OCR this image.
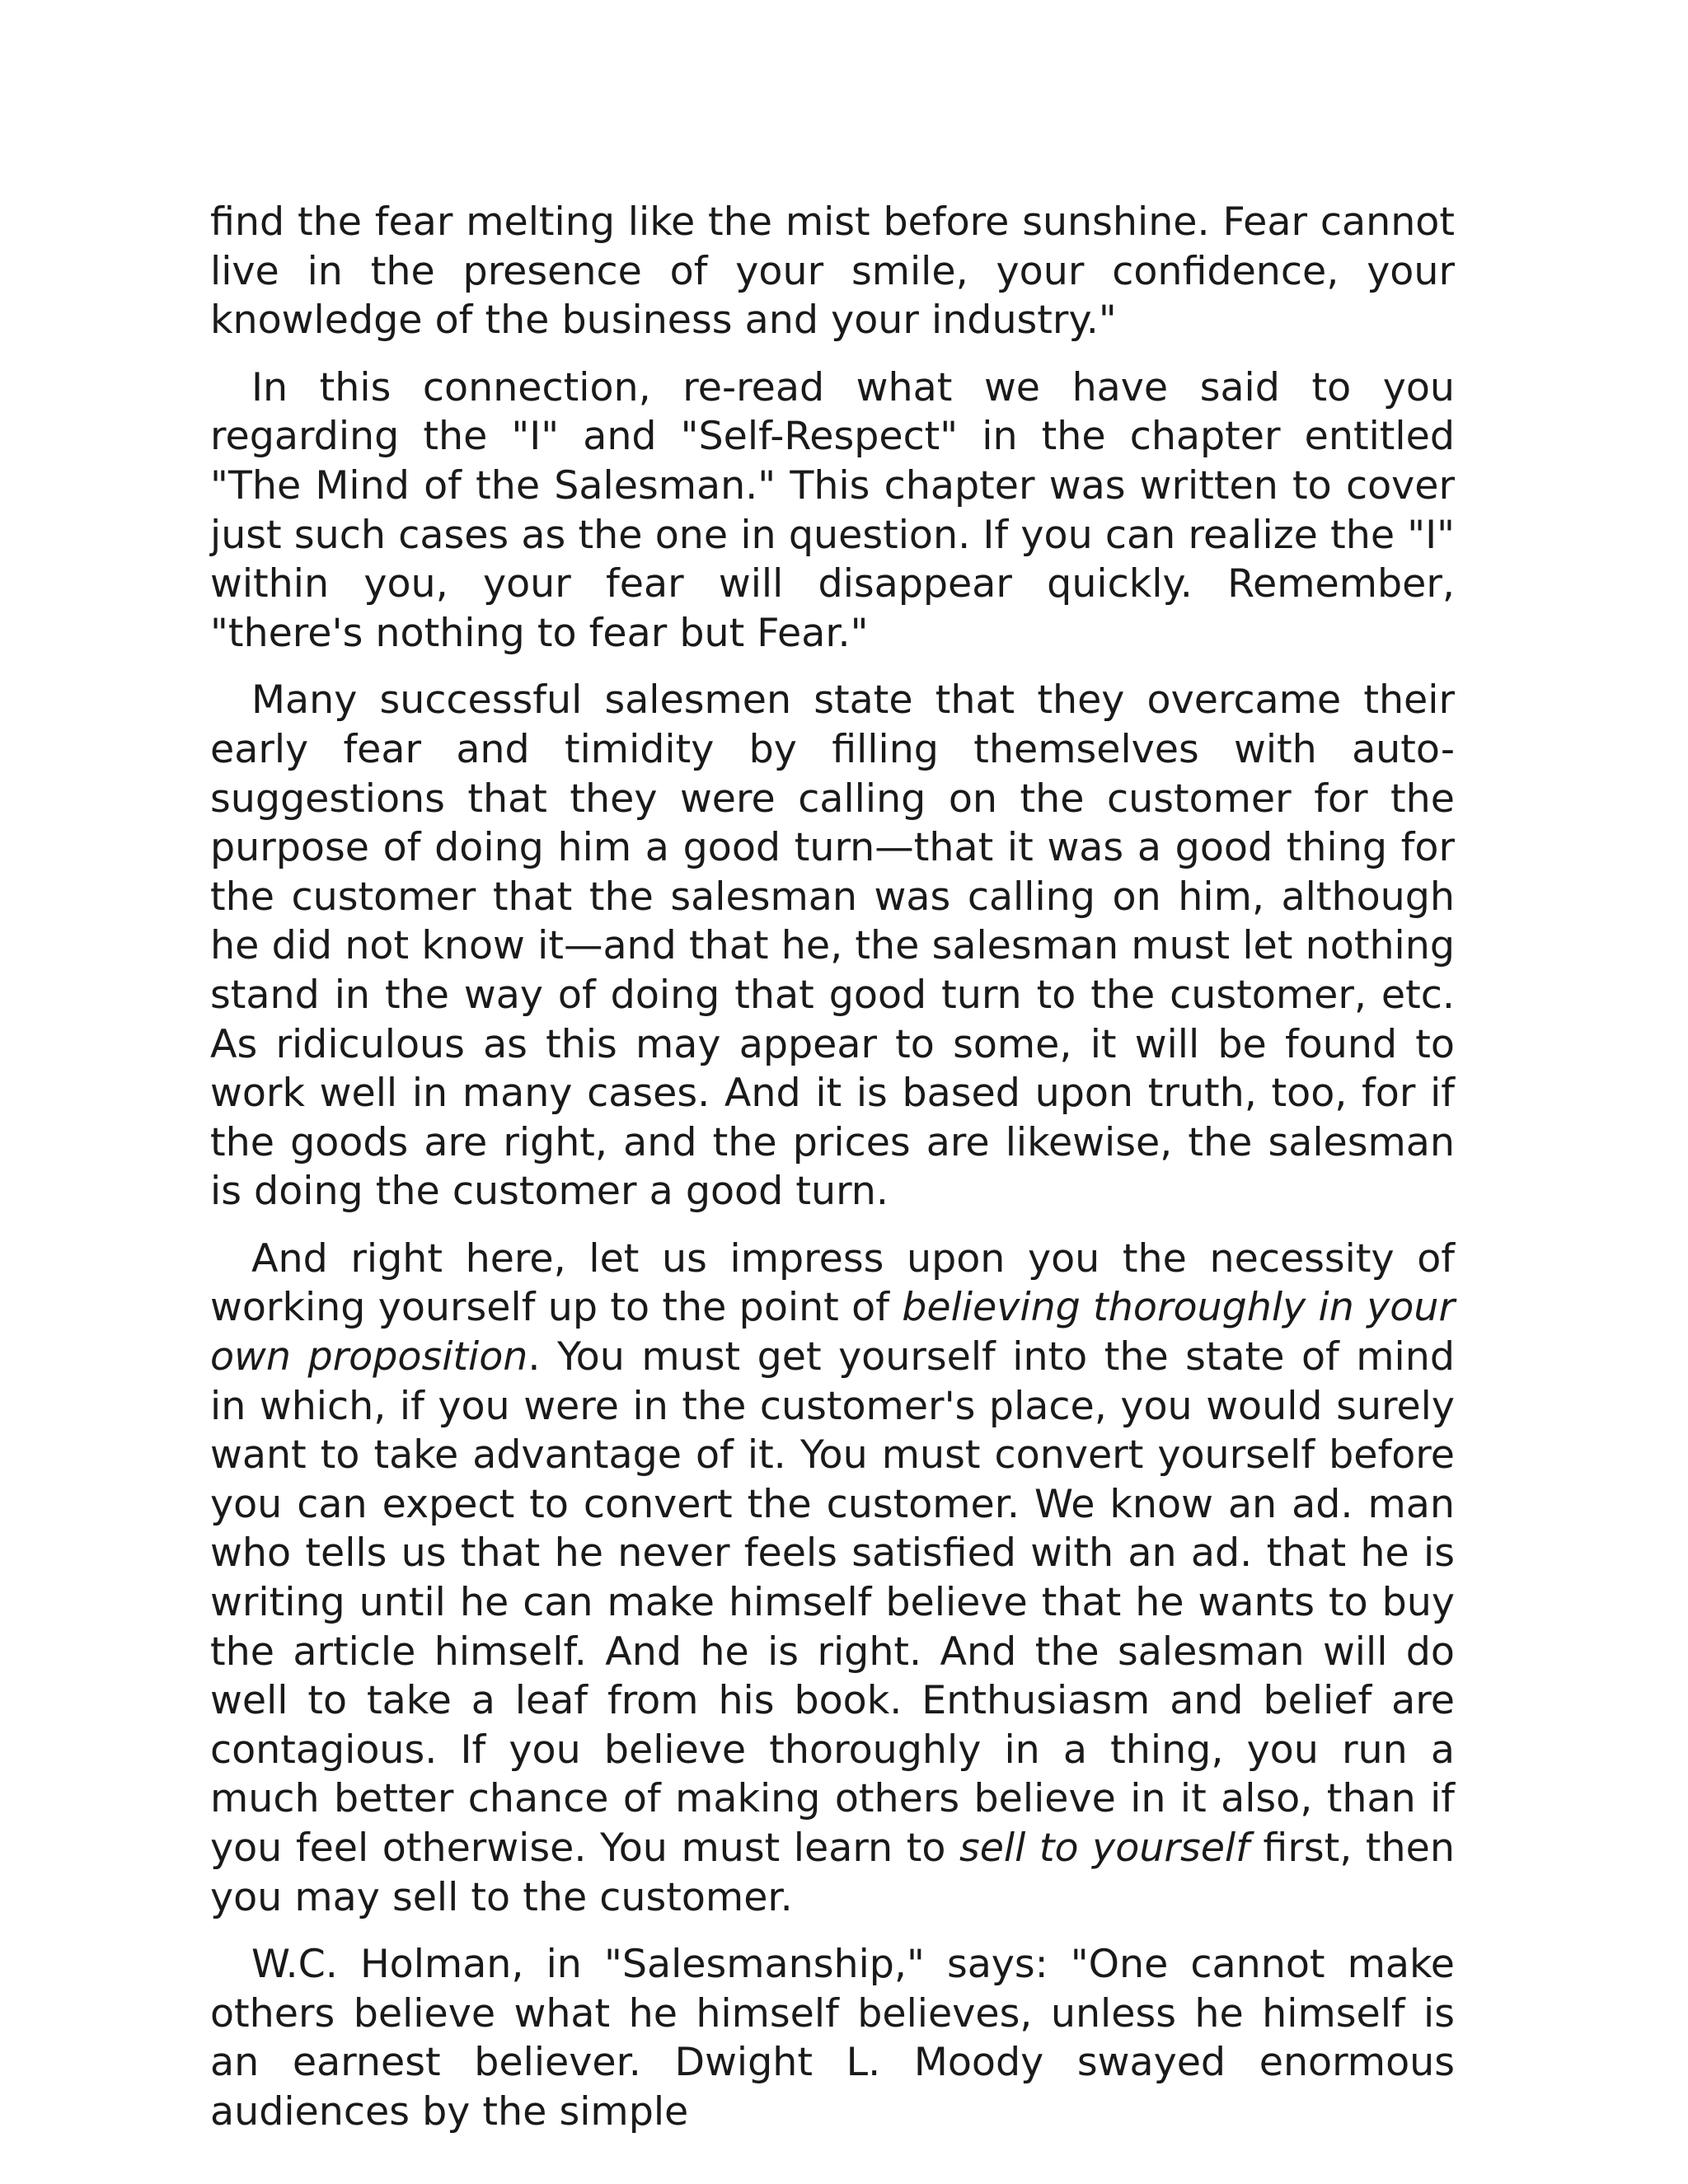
find the fear melting like the mist before sunshine. Fear cannot live in the presence of your smile, your confidence, your knowledge of the business and your industry."

In this connection, re-read what we have said to you regarding the "I" and "Self-Respect" in the chapter entitled "The Mind of the Salesman." This chapter was written to cover just such cases as the one in question. If you can realize the "I" within you, your fear will disappear quickly. Remember, "there's nothing to fear but Fear."

Many successful salesmen state that they overcame their early fear and timidity by filling themselves with auto-suggestions that they were calling on the customer for the purpose of doing him a good turn—that it was a good thing for the customer that the salesman was calling on him, although he did not know it—and that he, the salesman must let nothing stand in the way of doing that good turn to the customer, etc. As ridiculous as this may appear to some, it will be found to work well in many cases. And it is based upon truth, too, for if the goods are right, and the prices are likewise, the salesman is doing the customer a good turn.

And right here, let us impress upon you the necessity of working yourself up to the point of believing thoroughly in your own proposition. You must get yourself into the state of mind in which, if you were in the customer's place, you would surely want to take advantage of it. You must convert yourself before you can expect to convert the customer. We know an ad. man who tells us that he never feels satisfied with an ad. that he is writing until he can make himself believe that he wants to buy the article himself. And he is right. And the salesman will do well to take a leaf from his book. Enthusiasm and belief are contagious. If you believe thoroughly in a thing, you run a much better chance of making others believe in it also, than if you feel otherwise. You must learn to sell to yourself first, then you may sell to the customer.

W.C. Holman, in "Salesmanship," says: "One cannot make others believe what he himself believes, unless he himself is an earnest believer. Dwight L. Moody swayed enormous audiences by the simple
